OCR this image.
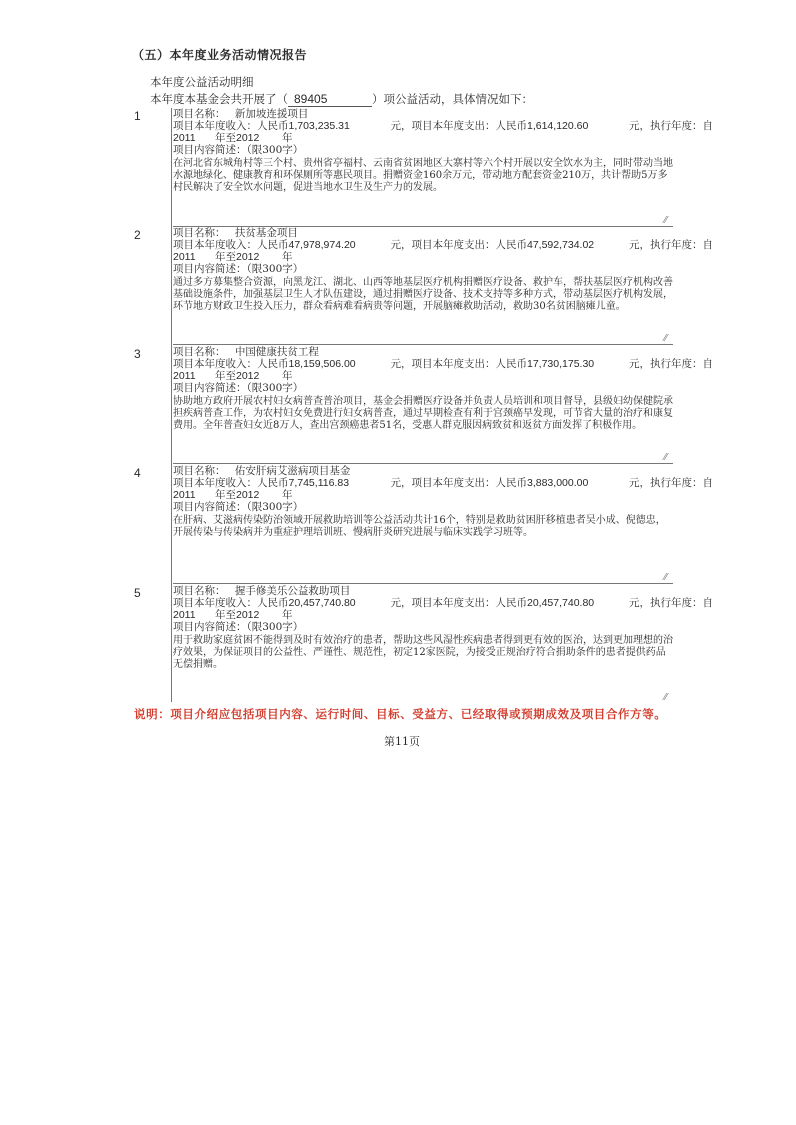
（五）本年度业务活动情况报告
本年度公益活动明细
本年度本基金会共开展了（ 89405	）项公益活动，具体情况如下：
1	项目名称： 新加坡连援项目
项目本年度收入：人民币1,703,235.31	元，项目本年度支出：人民币1,614,120.60	元，执行年度：自
2011 年至2012 年
项目内容简述：（限300字）
在河北省东城角村等三个村、贵州省亭福村、云南省贫困地区大寨村等六个村开展以安全饮水为主，同时带动当地水源地绿化、健康教育和环保厕所等惠民项目。捐赠资金160余万元，带动地方配套资金210万，共计帮助5万多村民解决了安全饮水问题，促进当地水卫生及生产力的发展。
⁄⁄
2	项目名称： 扶贫基金项目
项目本年度收入：人民币47,978,974.20	元，项目本年度支出：人民币47,592,734.02	元，执行年度：自
2011 年至2012 年
项目内容简述：（限300字）
通过多方募集整合资源，向黑龙江、湖北、山西等地基层医疗机构捐赠医疗设备、救护车，帮扶基层医疗机构改善基础设施条件，加强基层卫生人才队伍建设，通过捐赠医疗设备、技术支持等多种方式，带动基层医疗机构发展，环节地方财政卫生投入压力，群众看病难看病贵等问题，开展脑瘫救助活动，救助30名贫困脑瘫儿童。
⁄⁄
3	项目名称： 中国健康扶贫工程
项目本年度收入：人民币18,159,506.00	元，项目本年度支出：人民币17,730,175.30	元，执行年度：自
2011 年至2012 年
项目内容简述：（限300字）
协助地方政府开展农村妇女病普查普治项目，基金会捐赠医疗设备并负责人员培训和项目督导，县级妇幼保健院承担疾病普查工作，为农村妇女免费进行妇女病普查，通过早期检查有利于宫颈癌早发现，可节省大量的治疗和康复费用。全年普查妇女近8万人，查出宫颈癌患者51名，受惠人群克服因病致贫和返贫方面发挥了积极作用。
⁄⁄
4	项目名称： 佑安肝病艾滋病项目基金
项目本年度收入：人民币7,745,116.83	元，项目本年度支出：人民币3,883,000.00	元，执行年度：自
2011 年至2012 年
项目内容简述：（限300字）
在肝病、艾滋病传染防治领域开展救助培训等公益活动共计16个，特别是救助贫困肝移植患者吴小成、倪德忠，开展传染与传染病并为重症护理培训班、慢病肝炎研究进展与临床实践学习班等。
⁄⁄
5	项目名称： 握手修美乐公益救助项目
项目本年度收入：人民币20,457,740.80	元，项目本年度支出：人民币20,457,740.80	元，执行年度：自
2011 年至2012 年
项目内容简述：（限300字）
用于救助家庭贫困不能得到及时有效治疗的患者，帮助这些风湿性疾病患者得到更有效的医治，达到更加理想的治疗效果，为保证项目的公益性、严谨性、规范性，初定12家医院，为接受正规治疗符合捐助条件的患者提供药品无偿捐赠。
⁄⁄
说明：项目介绍应包括项目内容、运行时间、目标、受益方、已经取得或预期成效及项目合作方等。
第11页
